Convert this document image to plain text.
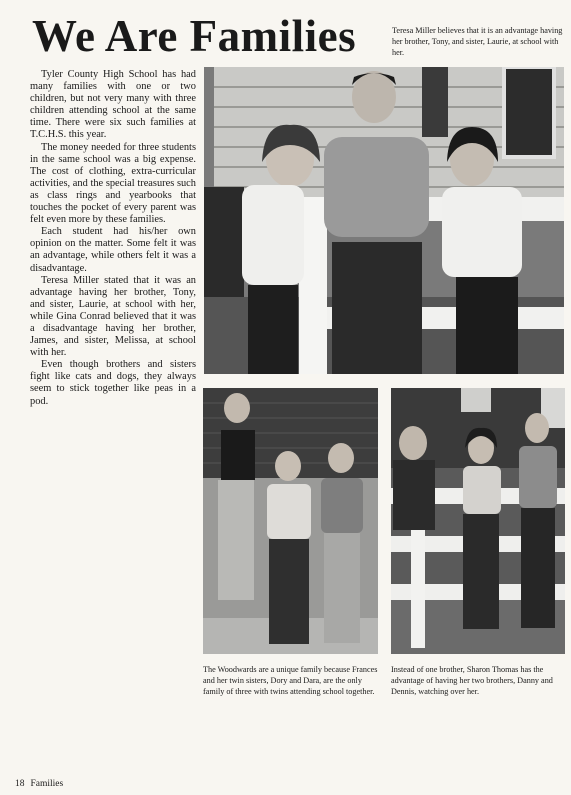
We Are Families	Teresa Miller believes that it is an advantage having her brother, Tony, and sister, Laurie, at school with her.

Tyler County High School has had many families with one or two children, but not very many with three children attending school at the same time. There were six such families at T.C.H.S. this year.

The money needed for three students in the same school was a big expense. The cost of clothing, extra-curricular activities, and the special treasures such as class rings and yearbooks that touches the pocket of every parent was felt even more by these families.

Each student had his/her own opinion on the matter. Some felt it was an advantage, while others felt it was a disadvantage.

Teresa Miller stated that it was an advantage having her brother, Tony, and sister, Laurie, at school with her, while Gina Conrad believed that it was a disadvantage having her brother, James, and sister, Melissa, at school with her.

Even though brothers and sisters fight like cats and dogs, they always seem to stick together like peas in a pod.

The Woodwards are a unique family because Frances and her twin sisters, Dory and Dara, are the only family of three with twins attending school together.

Instead of one brother, Sharon Thomas has the advantage of having her two brothers, Danny and Dennis, watching over her.

18 Families
